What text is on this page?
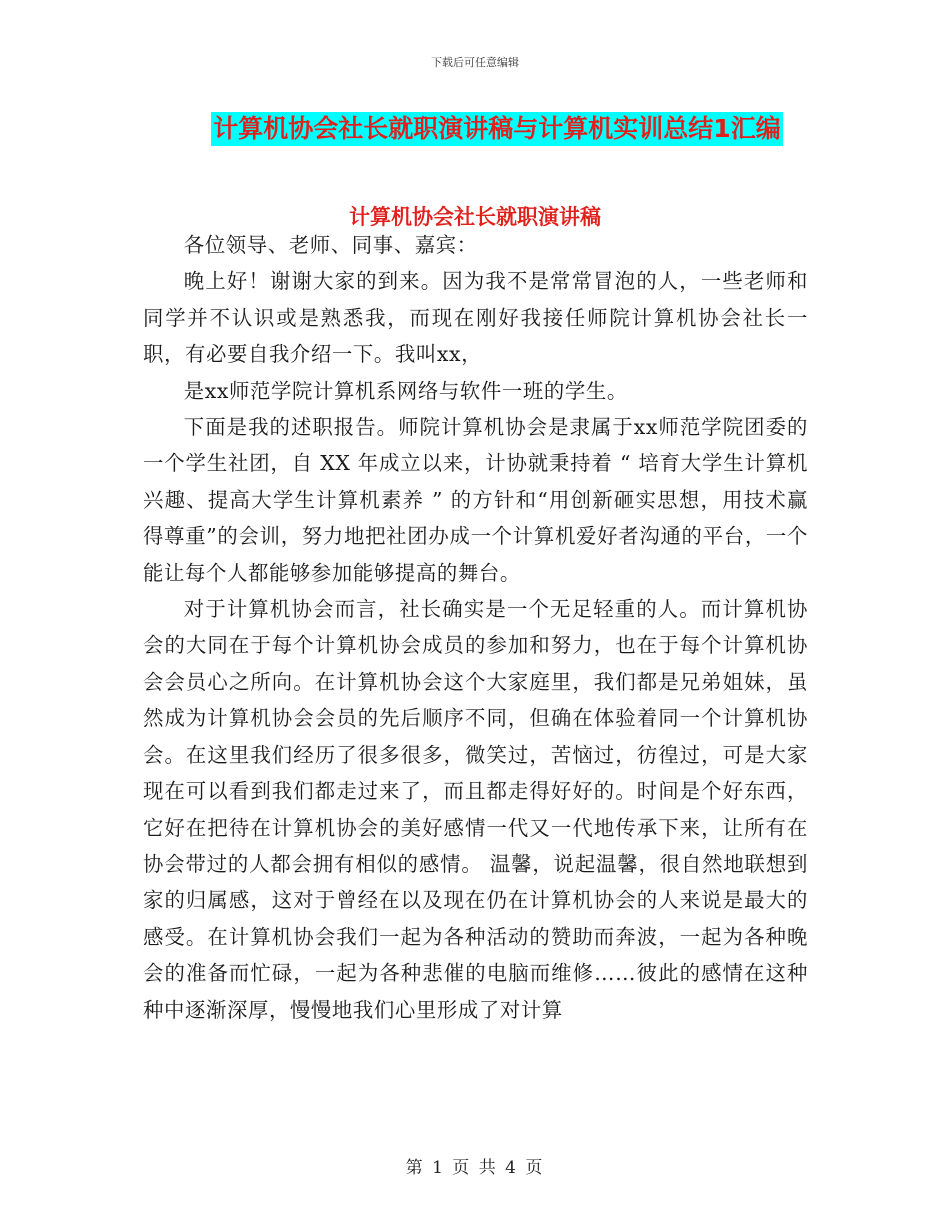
下载后可任意编辑
计算机协会社长就职演讲稿与计算机实训总结1汇编
计算机协会社长就职演讲稿

各位领导、老师、同事、嘉宾：

晚上好！谢谢大家的到来。因为我不是常常冒泡的人，一些老师和同学并不认识或是熟悉我，而现在刚好我接任师院计算机协会社长一职，有必要自我介绍一下。我叫xx，

是xx师范学院计算机系网络与软件一班的学生。

下面是我的述职报告。师院计算机协会是隶属于xx师范学院团委的一个学生社团，自 XX 年成立以来，计协就秉持着 “ 培育大学生计算机兴趣、提高大学生计算机素养 ” 的方针和“用创新砸实思想，用技术赢得尊重”的会训，努力地把社团办成一个计算机爱好者沟通的平台，一个能让每个人都能够参加能够提高的舞台。

对于计算机协会而言，社长确实是一个无足轻重的人。而计算机协会的大同在于每个计算机协会成员的参加和努力，也在于每个计算机协会会员心之所向。在计算机协会这个大家庭里，我们都是兄弟姐妹，虽然成为计算机协会会员的先后顺序不同，但确在体验着同一个计算机协会。在这里我们经历了很多很多，微笑过，苦恼过，彷徨过，可是大家现在可以看到我们都走过来了，而且都走得好好的。时间是个好东西，它好在把待在计算机协会的美好感情一代又一代地传承下来，让所有在协会带过的人都会拥有相似的感情。 温馨，说起温馨，很自然地联想到家的归属感，这对于曾经在以及现在仍在计算机协会的人来说是最大的感受。在计算机协会我们一起为各种活动的赞助而奔波，一起为各种晚会的准备而忙碌，一起为各种悲催的电脑而维修……彼此的感情在这种种中逐渐深厚，慢慢地我们心里形成了对计算

第 1 页 共 4 页
